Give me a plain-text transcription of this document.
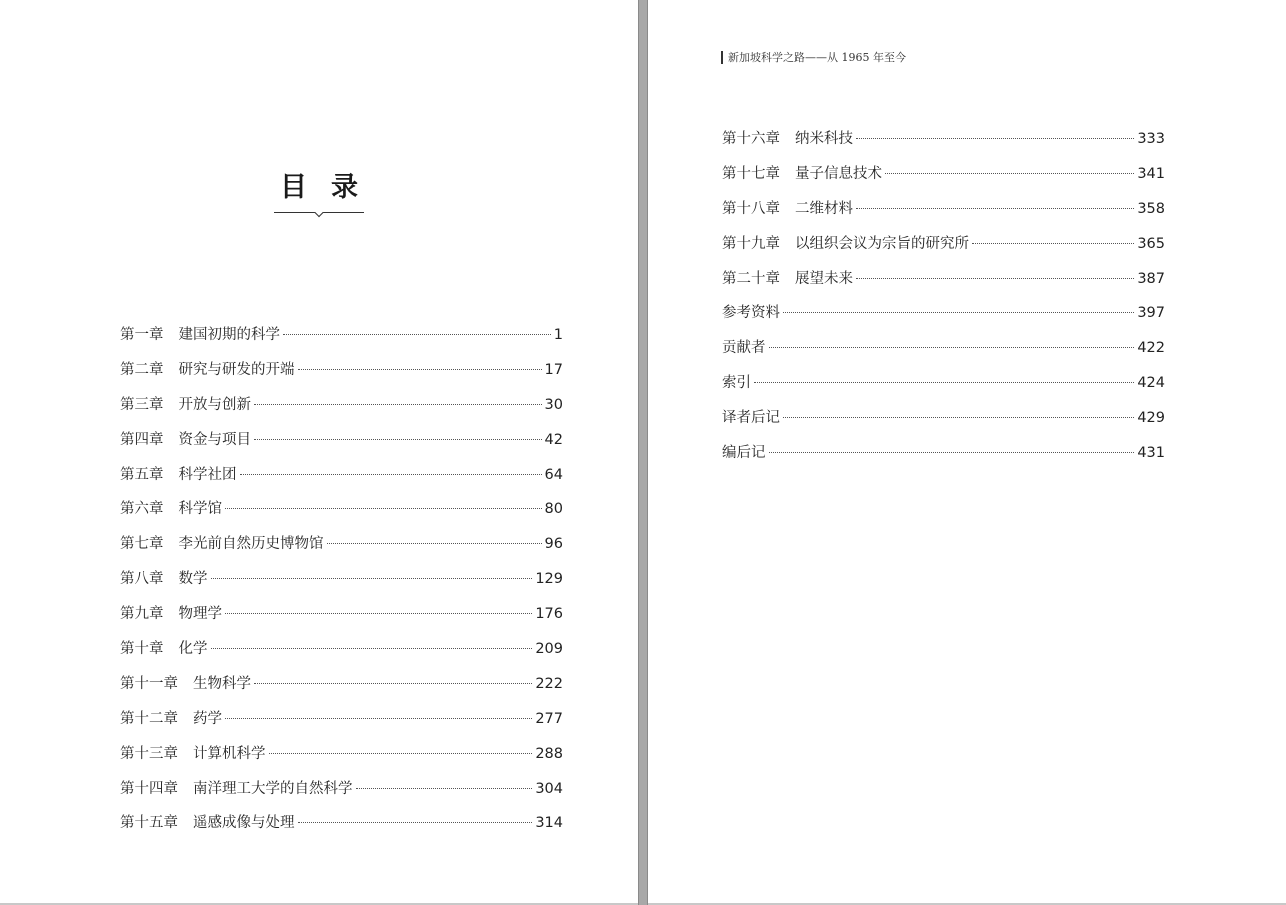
目录
第一章 建国初期的科学	1
第二章 研究与研发的开端	17
第三章 开放与创新	30
第四章 资金与项目	42
第五章 科学社团	64
第六章 科学馆	80
第七章 李光前自然历史博物馆	96
第八章 数学	129
第九章 物理学	176
第十章 化学	209
第十一章 生物科学	222
第十二章 药学	277
第十三章 计算机科学	288
第十四章 南洋理工大学的自然科学	304
第十五章 遥感成像与处理	314
新加坡科学之路——从 1965 年至今
第十六章 纳米科技	333
第十七章 量子信息技术	341
第十八章 二维材料	358
第十九章 以组织会议为宗旨的研究所	365
第二十章 展望未来	387
参考资料	397
贡献者	422
索引	424
译者后记	429
编后记	431
